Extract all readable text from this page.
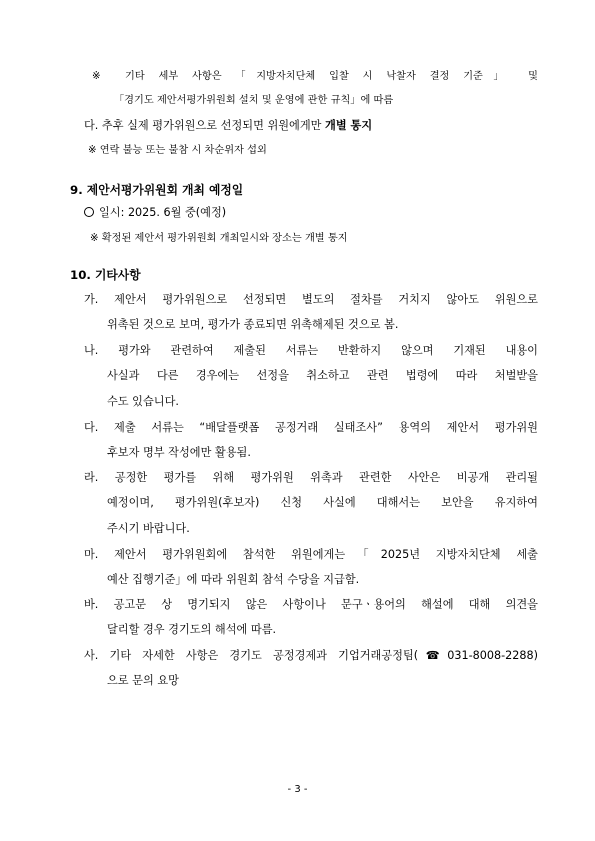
※ 기타 세부 사항은 「지방자치단체 입찰 시 낙찰자 결정 기준」 및
「경기도 제안서평가위원회 설치 및 운영에 관한 규칙」에 따름
다. 추후 실제 평가위원으로 선정되면 위원에게만 개별 통지
※ 연락 불능 또는 불참 시 차순위자 섭외
9. 제안서평가위원회 개최 예정일
일시: 2025. 6월 중(예정)
※ 확정된 제안서 평가위원회 개최일시와 장소는 개별 통지
10. 기타사항
가. 제안서 평가위원으로 선정되면 별도의 절차를 거치지 않아도 위원으로
위촉된 것으로 보며, 평가가 종료되면 위촉해제된 것으로 봄.
나. 평가와 관련하여 제출된 서류는 반환하지 않으며 기재된 내용이
사실과 다른 경우에는 선정을 취소하고 관련 법령에 따라 처벌받을
수도 있습니다.
다. 제출 서류는 “배달플랫폼 공정거래 실태조사” 용역의 제안서 평가위원
후보자 명부 작성에만 활용됨.
라. 공정한 평가를 위해 평가위원 위촉과 관련한 사안은 비공개 관리될
예정이며, 평가위원(후보자) 신청 사실에 대해서는 보안을 유지하여
주시기 바랍니다.
마. 제안서 평가위원회에 참석한 위원에게는「2025년 지방자치단체 세출
예산 집행기준」에 따라 위원회 참석 수당을 지급함.
바. 공고문 상 명기되지 않은 사항이나 문구ㆍ용어의 해설에 대해 의견을
달리할 경우 경기도의 해석에 따름.
사. 기타 자세한 사항은 경기도 공정경제과 기업거래공정팀(☎031-8008-2288)
으로 문의 요망
- 3 -
